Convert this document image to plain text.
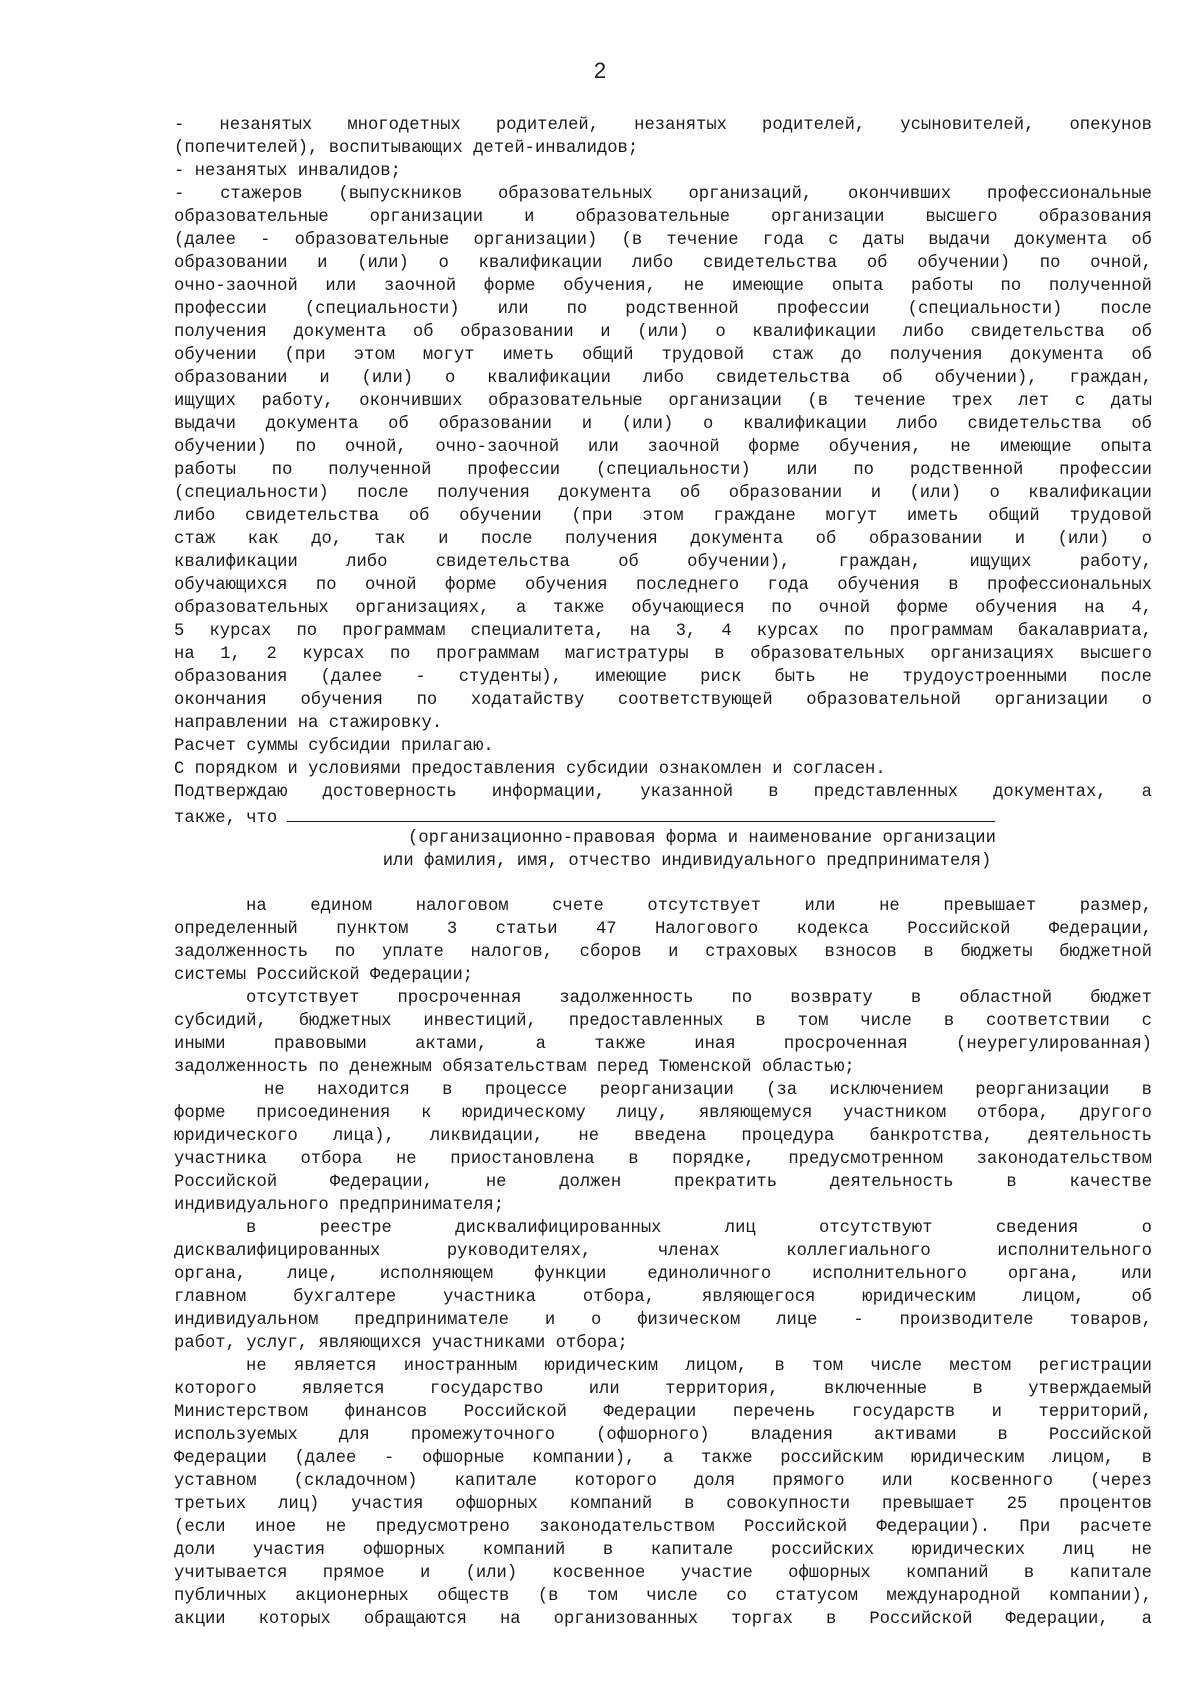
2
- незанятых многодетных родителей, незанятых родителей, усыновителей, опекунов
(попечителей), воспитывающих детей-инвалидов;
- незанятых инвалидов;
- стажеров (выпускников образовательных организаций, окончивших профессиональные
образовательные организации и образовательные организации высшего образования
(далее - образовательные организации) (в течение года с даты выдачи документа об
образовании и (или) о квалификации либо свидетельства об обучении) по очной,
очно-заочной или заочной форме обучения, не имеющие опыта работы по полученной
профессии (специальности) или по родственной профессии (специальности) после
получения документа об образовании и (или) о квалификации либо свидетельства об
обучении (при этом могут иметь общий трудовой стаж до получения документа об
образовании и (или) о квалификации либо свидетельства об обучении), граждан,
ищущих работу, окончивших образовательные организации (в течение трех лет с даты
выдачи документа об образовании и (или) о квалификации либо свидетельства об
обучении) по очной, очно-заочной или заочной форме обучения, не имеющие опыта
работы по полученной профессии (специальности) или по родственной профессии
(специальности) после получения документа об образовании и (или) о квалификации
либо свидетельства об обучении (при этом граждане могут иметь общий трудовой
стаж как до, так и после получения документа об образовании и (или) о
квалификации либо свидетельства об обучении), граждан, ищущих работу,
обучающихся по очной форме обучения последнего года обучения в профессиональных
образовательных организациях, а также обучающиеся по очной форме обучения на 4,
5 курсах по программам специалитета, на 3, 4 курсах по программам бакалавриата,
на 1, 2 курсах по программам магистратуры в образовательных организациях высшего
образования (далее - студенты), имеющие риск быть не трудоустроенными после
окончания обучения по ходатайству соответствующей образовательной организации о
направлении на стажировку.
Расчет суммы субсидии прилагаю.
С порядком и условиями предоставления субсидии ознакомлен и согласен.
Подтверждаю достоверность информации, указанной в представленных документах, а
также, что
(организационно-правовая форма и наименование организации
или фамилия, имя, отчество индивидуального предпринимателя)
на едином налоговом счете отсутствует или не превышает размер,
определенный пунктом 3 статьи 47 Налогового кодекса Российской Федерации,
задолженность по уплате налогов, сборов и страховых взносов в бюджеты бюджетной
системы Российской Федерации;
отсутствует просроченная задолженность по возврату в областной бюджет
субсидий, бюджетных инвестиций, предоставленных в том числе в соответствии с
иными правовыми актами, а также иная просроченная (неурегулированная)
задолженность по денежным обязательствам перед Тюменской областью;
не находится в процессе реорганизации (за исключением реорганизации в
форме присоединения к юридическому лицу, являющемуся участником отбора, другого
юридического лица), ликвидации, не введена процедура банкротства, деятельность
участника отбора не приостановлена в порядке, предусмотренном законодательством
Российской Федерации, не должен прекратить деятельность в качестве
индивидуального предпринимателя;
в реестре дисквалифицированных лиц отсутствуют сведения о
дисквалифицированных руководителях, членах коллегиального исполнительного
органа, лице, исполняющем функции единоличного исполнительного органа, или
главном бухгалтере участника отбора, являющегося юридическим лицом, об
индивидуальном предпринимателе и о физическом лице - производителе товаров,
работ, услуг, являющихся участниками отбора;
не является иностранным юридическим лицом, в том числе местом регистрации
которого является государство или территория, включенные в утверждаемый
Министерством финансов Российской Федерации перечень государств и территорий,
используемых для промежуточного (офшорного) владения активами в Российской
Федерации (далее - офшорные компании), а также российским юридическим лицом, в
уставном (складочном) капитале которого доля прямого или косвенного (через
третьих лиц) участия офшорных компаний в совокупности превышает 25 процентов
(если иное не предусмотрено законодательством Российской Федерации). При расчете
доли участия офшорных компаний в капитале российских юридических лиц не
учитывается прямое и (или) косвенное участие офшорных компаний в капитале
публичных акционерных обществ (в том числе со статусом международной компании),
акции которых обращаются на организованных торгах в Российской Федерации, а
